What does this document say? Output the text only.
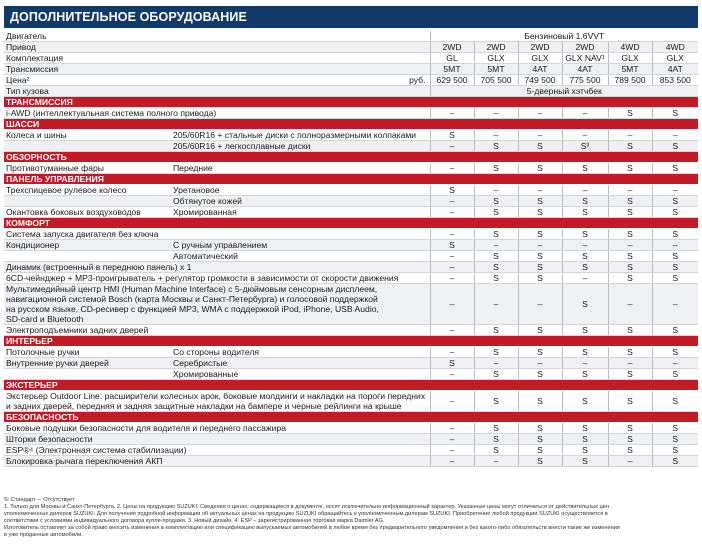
ДОПОЛНИТЕЛЬНОЕ ОБОРУДОВАНИЕ
Двигатель		Бензиновый 1.6VVT					
Привод		2WD	2WD	2WD	2WD	4WD	4WD
Комплектация		GL	GLX	GLX	GLX NAV¹	GLX	GLX
Трансмиссия		5MT	5MT	4AT	4AT	5MT	4AT
Цена²	руб.	629 500	705 500	749 500	775 500	789 500	853 500
Тип кузова		5-дверный хэтчбек					
ТРАНСМИССИЯ							
i-AWD (интеллектуальная система полного привода)		–	–	–	–	S	S
ШАССИ							
Колеса и шины	205/60R16 + стальные диски с полноразмерными колпаками	S	–	–	–	–	–
	205/60R16 + легкосплавные диски	–	S	S	S³	S	S
ОБЗОРНОСТЬ							
Противотуманные фары	Передние	–	S	S	S	S	S
ПАНЕЛЬ УПРАВЛЕНИЯ							
Трехспицевое рулевое колесо	Уретановое	S	–	–	–	–	–
	Обтянутое кожей	–	S	S	S	S	S
Окантовка боковых воздуховодов	Хромированная	–	S	S	S	S	S
КОМФОРТ							
Система запуска двигателя без ключа		–	S	S	S	S	S
Кондиционер	С ручным управлением	S	–	–	–	–	–
	Автоматический	–	S	S	S	S	S
Динамик (встроенный в переднюю панель) x 1		–	S	S	S	S	S
6CD-чейнджер + MP3-проигрыватель + регулятор громкости в зависимости от скорости движения		–	S	S	–	S	S

Мультимедийный центр HMI (Human Machine Interface) с 5-дюймовым сенсорным дисплеем,
навигационной системой Bosch (карта Москвы и Санкт-Петербурга) и голосовой поддержкой
на русском языке, CD-ресивер с функцией MP3, WMA с поддержкой iPod, iPhone, USB Audio,
SD-card и Bluetooth		–	–	–	S	–	–
Электроподъемники задних дверей		–	S	S	S	S	S
ИНТЕРЬЕР							
Потолочные ручки	Со стороны водителя	–	S	S	S	S	S
Внутренние ручки дверей	Серебристые	S	–	–	–	–	–
	Хромированные	–	S	S	S	S	S
ЭКСТЕРЬЕР							

Экстерьер Outdoor Line: расширители колесных арок, боковые молдинги и накладки на пороги передних
и задних дверей, передняя и задняя защитные накладки на бампере и черные рейлинги на крыше		–	S	S	S	S	S
БЕЗОПАСНОСТЬ							
Боковые подушки безопасности для водителя и переднего пассажира		–	S	S	S	S	S
Шторки безопасности		–	S	S	S	S	S
ESP®⁴ (Электронная система стабилизации)		–	S	S	S	S	S
Блокировка рычага переключения АКП		–	–	S	S	–	S
S: Стандарт –: Отсутствует
1. Только для Москвы и Санкт-Петербурга. 2. Цены на продукцию SUZUKI. Сведения о ценах, содержащиеся в документе, носят исключительно информационный характер. Указанные цены могут отличаться от действительных цен
уполномоченных дилеров SUZUKI. Для получения подробной информации об актуальных ценах на продукцию SUZUKI обращайтесь к уполномоченным дилерам SUZUKI. Приобретение любой продукции SUZUKI осуществляется в
соответствии с условиями индивидуального договора купли-продажи. 3. Новый дизайн. 4. ESP – зарегистрированная торговая марка Daimler AG.
Изготовитель оставляет за собой право вносить изменения в комплектацию или спецификацию выпускаемых автомобилей в любое время без предварительного уведомления и без какого-либо обязательств внести такие же изменения
в уже проданные автомобили.
